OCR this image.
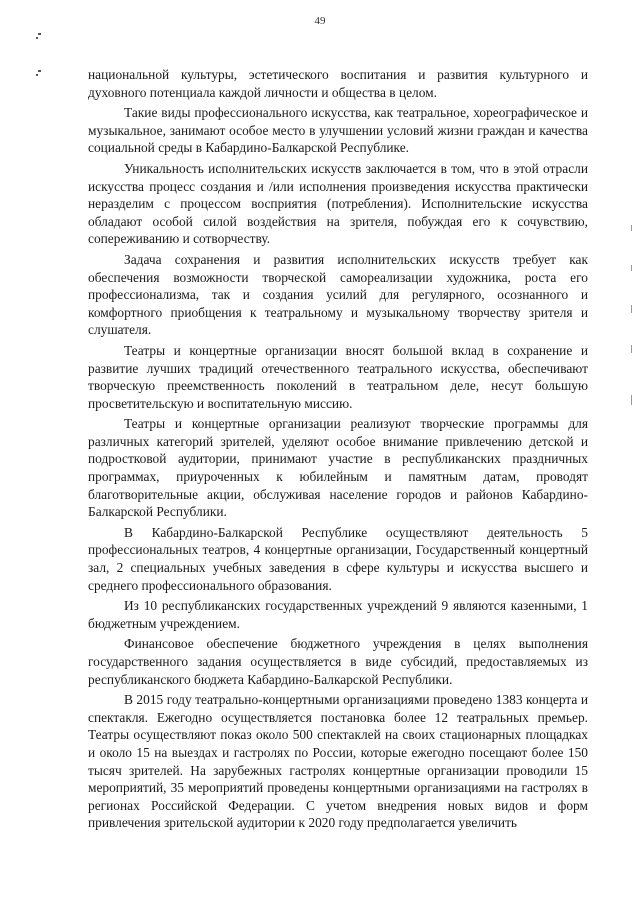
49

национальной культуры, эстетического воспитания и развития культурного и духовного потенциала каждой личности и общества в целом.

Такие виды профессионального искусства, как театральное, хореографическое и музыкальное, занимают особое место в улучшении условий жизни граждан и качества социальной среды в Кабардино-Балкарской Республике.

Уникальность исполнительских искусств заключается в том, что в этой отрасли искусства процесс создания и /или исполнения произведения искусства практически неразделим с процессом восприятия (потребления). Исполнительские искусства обладают особой силой воздействия на зрителя, побуждая его к сочувствию, сопереживанию и сотворчеству.

Задача сохранения и развития исполнительских искусств требует как обеспечения возможности творческой самореализации художника, роста его профессионализма, так и создания усилий для регулярного, осознанного и комфортного приобщения к театральному и музыкальному творчеству зрителя и слушателя.

Театры и концертные организации вносят большой вклад в сохранение и развитие лучших традиций отечественного театрального искусства, обеспечивают творческую преемственность поколений в театральном деле, несут большую просветительскую и воспитательную миссию.

Театры и концертные организации реализуют творческие программы для различных категорий зрителей, уделяют особое внимание привлечению детской и подростковой аудитории, принимают участие в республиканских праздничных программах, приуроченных к юбилейным и памятным датам, проводят благотворительные акции, обслуживая население городов и районов Кабардино-Балкарской Республики.

В Кабардино-Балкарской Республике осуществляют деятельность 5 профессиональных театров, 4 концертные организации, Государственный концертный зал, 2 специальных учебных заведения в сфере культуры и искусства высшего и среднего профессионального образования.

Из 10 республиканских государственных учреждений 9 являются казенными, 1 бюджетным учреждением.

Финансовое обеспечение бюджетного учреждения в целях выполнения государственного задания осуществляется в виде субсидий, предоставляемых из республиканского бюджета Кабардино-Балкарской Республики.

В 2015 году театрально-концертными организациями проведено 1383 концерта и спектакля. Ежегодно осуществляется постановка более 12 театральных премьер. Театры осуществляют показ около 500 спектаклей на своих стационарных площадках и около 15 на выездах и гастролях по России, которые ежегодно посещают более 150 тысяч зрителей. На зарубежных гастролях концертные организации проводили 15 мероприятий, 35 мероприятий проведены концертными организациями на гастролях в регионах Российской Федерации. С учетом внедрения новых видов и форм привлечения зрительской аудитории к 2020 году предполагается увеличить
